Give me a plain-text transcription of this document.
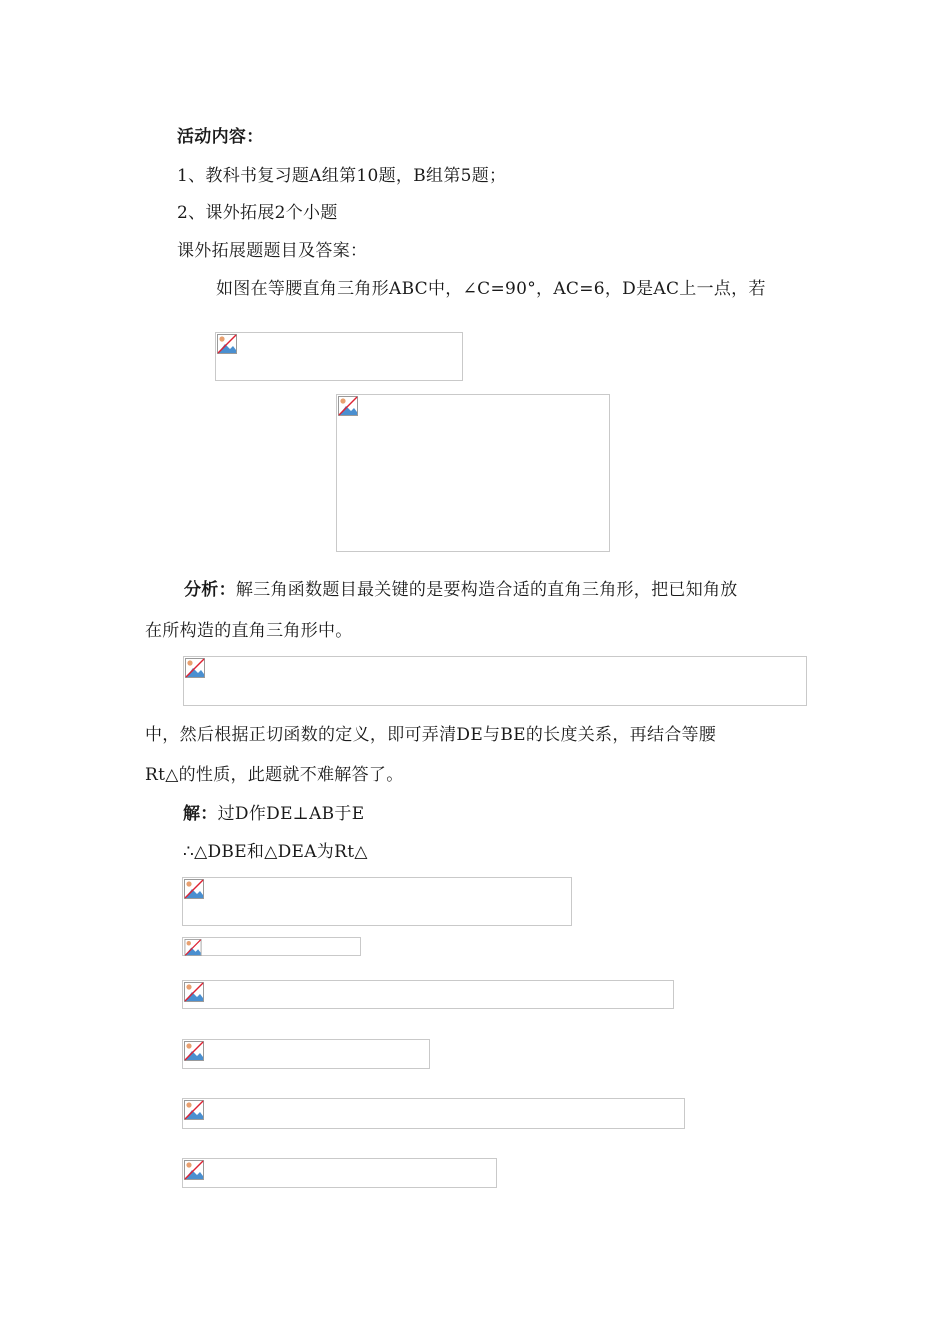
活动内容：
1、教科书复习题A组第10题，B组第5题；
2、课外拓展2个小题
课外拓展题题目及答案：
如图在等腰直角三角形ABC中，∠C=90°，AC=6，D是AC上一点，若
分析：解三角函数题目最关键的是要构造合适的直角三角形，把已知角放
在所构造的直角三角形中。
中，然后根据正切函数的定义，即可弄清DE与BE的长度关系，再结合等腰
Rt△的性质，此题就不难解答了。
解：过D作DE⊥AB于E
∴△DBE和△DEA为Rt△
